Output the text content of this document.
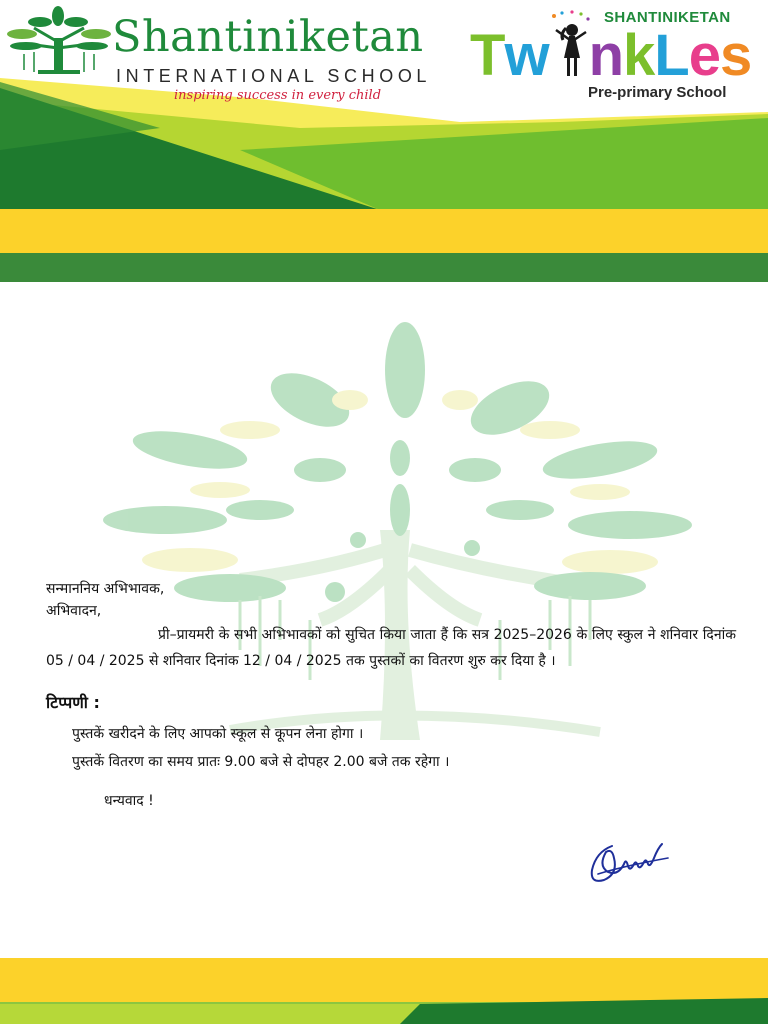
Shantiniketan
INTERNATIONAL SCHOOL
inspiring success in every child
SHANTINIKETAN
Twi nkLes
Pre-primary School

सन्माननिय अभिभावक,

अभिवादन,

प्री–प्रायमरी के सभी अभिभावकों को सुचित किया जाता हैं कि सत्र 2025–2026 के लिए स्कुल ने शनिवार दिनांक 05 / 04 / 2025 से शनिवार दिनांक 12 / 04 / 2025 तक पुस्तकों का वितरण शुरु कर दिया है ।

टिप्पणी :

पुस्तकें खरीदने के लिए आपको स्कूल से कूपन लेना होगा ।

पुस्तकें वितरण का समय प्रातः 9.00 बजे से दोपहर 2.00 बजे तक रहेगा ।

धन्यवाद !
